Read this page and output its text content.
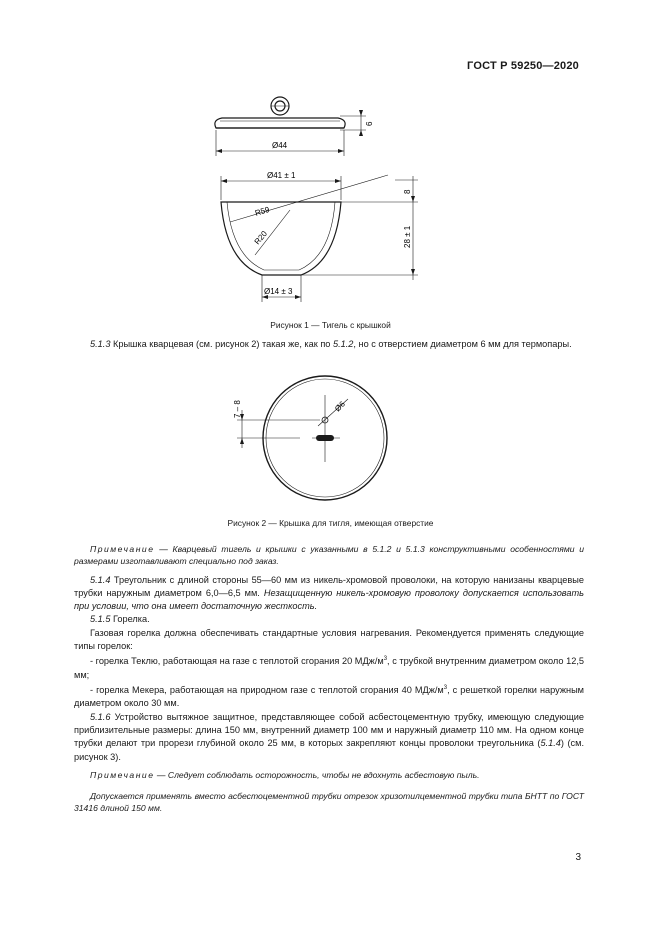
ГОСТ Р 59250—2020
Ø44
6
Ø41 ± 1
8
R59
R20	28 ± 1
Ø14 ± 3
Рисунок 1 — Тигель с крышкой

5.1.3 Крышка кварцевая (см. рисунок 2) такая же, как по 5.1.2, но с отверстием диаметром 6 мм для термопары.

7 – 8	Ø6
Рисунок 2 — Крышка для тигля, имеющая отверстие

Примечание — Кварцевый тигель и крышки с указанными в 5.1.2 и 5.1.3 конструктивными особенностями и размерами изготавливают специально под заказ.

5.1.4 Треугольник с длиной стороны 55—60 мм из никель-хромовой проволоки, на которую нанизаны кварцевые трубки наружным диаметром 6,0—6,5 мм. Незащищенную никель-хромовую проволоку допускается использовать при условии, что она имеет достаточную жесткость.

5.1.5 Горелка.

Газовая горелка должна обеспечивать стандартные условия нагревания. Рекомендуется применять следующие типы горелок:

- горелка Теклю, работающая на газе с теплотой сгорания 20 МДж/$м^3$, с трубкой внутренним диаметром около 12,5 мм;

- горелка Мекера, работающая на природном газе с теплотой сгорания 40 МДж/$м^3$, с решеткой горелки наружным диаметром около 30 мм.

5.1.6 Устройство вытяжное защитное, представляющее собой асбестоцементную трубку, имеющую следующие приблизительные размеры: длина 150 мм, внутренний диаметр 100 мм и наружный диаметр 110 мм. На одном конце трубки делают три прорези глубиной около 25 мм, в которых закрепляют концы проволоки треугольника (5.1.4) (см. рисунок 3).

Примечание — Следует соблюдать осторожность, чтобы не вдохнуть асбестовую пыль.

Допускается применять вместо асбестоцементной трубки отрезок хризотилцементной трубки типа БНТТ по ГОСТ 31416 длиной 150 мм.

3
